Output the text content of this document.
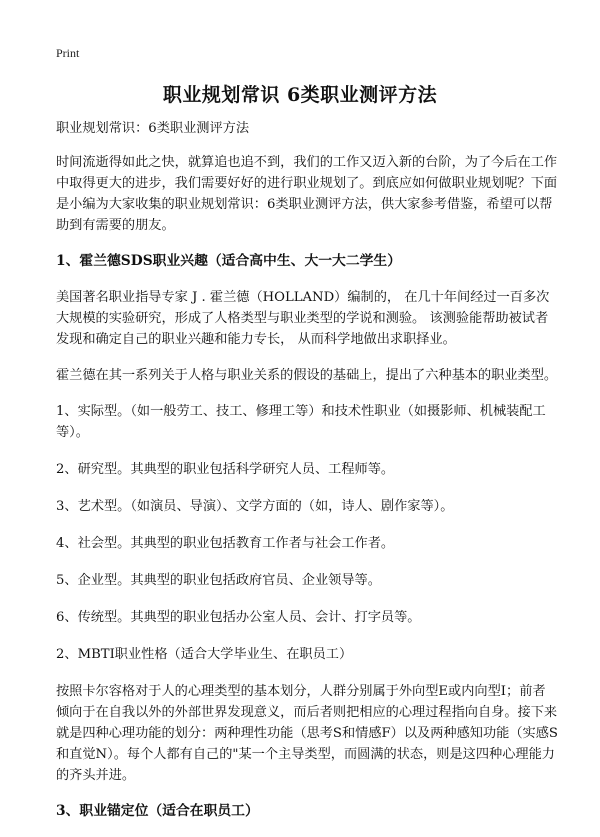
Print
职业规划常识 6类职业测评方法

职业规划常识：6类职业测评方法

时间流逝得如此之快，就算追也追不到，我们的工作又迈入新的台阶，为了今后在工作中取得更大的进步，我们需要好好的进行职业规划了。到底应如何做职业规划呢？下面是小编为大家收集的职业规划常识：6类职业测评方法，供大家参考借鉴，希望可以帮助到有需要的朋友。

1、霍兰德SDS职业兴趣（适合高中生、大一大二学生）

美国著名职业指导专家 J . 霍兰德（HOLLAND）编制的， 在几十年间经过一百多次大规模的实验研究，形成了人格类型与职业类型的学说和测验。 该测验能帮助被试者发现和确定自己的职业兴趣和能力专长， 从而科学地做出求职择业。

霍兰德在其一系列关于人格与职业关系的假设的基础上，提出了六种基本的职业类型。

1、实际型。（如一般劳工、技工、修理工等）和技术性职业（如摄影师、机械装配工等）。

2、研究型。其典型的职业包括科学研究人员、工程师等。

3、艺术型。（如演员、导演）、文学方面的（如，诗人、剧作家等）。

4、社会型。其典型的职业包括教育工作者与社会工作者。

5、企业型。其典型的职业包括政府官员、企业领导等。

6、传统型。其典型的职业包括办公室人员、会计、打字员等。

2、MBTI职业性格（适合大学毕业生、在职员工）

按照卡尔容格对于人的心理类型的基本划分，人群分别属于外向型E或内向型I；前者倾向于在自我以外的外部世界发现意义，而后者则把相应的心理过程指向自身。接下来就是四种心理功能的划分：两种理性功能（思考S和情感F）以及两种感知功能（实感S和直觉N）。每个人都有自己的"某一个主导类型，而圆满的状态，则是这四种心理能力的齐头并进。

3、职业锚定位（适合在职员工）
